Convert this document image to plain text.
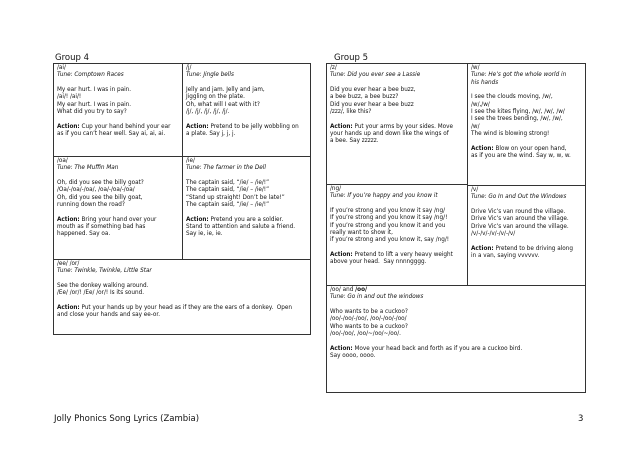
Group 4	Group 5
/ai/
Tune: Comptown Races
My ear hurt. I was in pain.
/ai/! /ai/!
My ear hurt. I was in pain.
What did you try to say?
Action: Cup your hand behind your ear
as if you can’t hear well. Say ai, ai, ai.
/j/
Tune: Jingle bells
Jelly and jam. Jelly and jam,
Jiggling on the plate.
Oh, what will I eat with it?
/j/, /j/, /j/, /j/, /j/.
Action: Pretend to be jelly wobbling on
a plate. Say j, j, j.
/oa/
Tune: The Muffin Man
Oh, did you see the billy goat?
/Oa/-/oa/-/oa/, /oa/-/oa/-/oa/
Oh, did you see the billy goat,
running down the road?
Action: Bring your hand over your
mouth as if something bad has
happened. Say oa.
/ie/
Tune: The farmer in the Dell
The captain said, “/ie/ – /ie/!”
The captain said, “/ie/ – /ie/!”
“Stand up straight! Don’t be late!”
The captain said, “/ie/ – /ie/!”
Action: Pretend you are a soldier.
Stand to attention and salute a friend.
Say ie, ie, ie.
/ee/ /or/
Tune: Twinkle, Twinkle, Little Star
See the donkey walking around.
/Ee/ /or/! /Ee/ /or/! Is its sound.
Action: Put your hands up by your head as if they are the ears of a donkey.  Open
and close your hands and say ee-or.
/z/
Tune: Did you ever see a Lassie
Did you ever hear a bee buzz,
a bee buzz, a bee buzz?
Did you ever hear a bee buzz
/zzz/, like this?
Action: Put your arms by your sides. Move
your hands up and down like the wings of
a bee. Say zzzzz.
/w/
Tune: He’s got the whole world in
his hands
I see the clouds moving, /w/,
/w/,/w/
I see the kites flying, /w/, /w/, /w/
I see the trees bending, /w/, /w/,
/w/
The wind is blowing strong!
Action: Blow on your open hand,
as if you are the wind. Say w, w, w.
/ng/
Tune: If you’re happy and you know it
If you’re strong and you know it say /ng/
If you’re strong and you know it say /ng/!
If you’re strong and you know it and you
really want to show it,
if you’re strong and you know it, say /ng/!
Action: Pretend to lift a very heavy weight
above your head.  Say nnnngggg.
/v/
Tune: Go In and Out the Windows
Drive Vic’s van round the village.
Drive Vic’s van around the village.
Drive Vic’s van around the village.
/v/-/v/-/v/-/v/-/v/
Action: Pretend to be driving along
in a van, saying vvvvvv.
/oo/ and /oo/
Tune: Go in and out the windows
Who wants to be a cuckoo?
/oo/-/oo/-/oo/, /oo/-/oo/-/oo/
Who wants to be a cuckoo?
/oo/-/oo/, /oo/~/oo/~/oo/.
Action: Move your head back and forth as if you are a cuckoo bird.
Say oooo, oooo.
Jolly Phonics Song Lyrics (Zambia)	3
